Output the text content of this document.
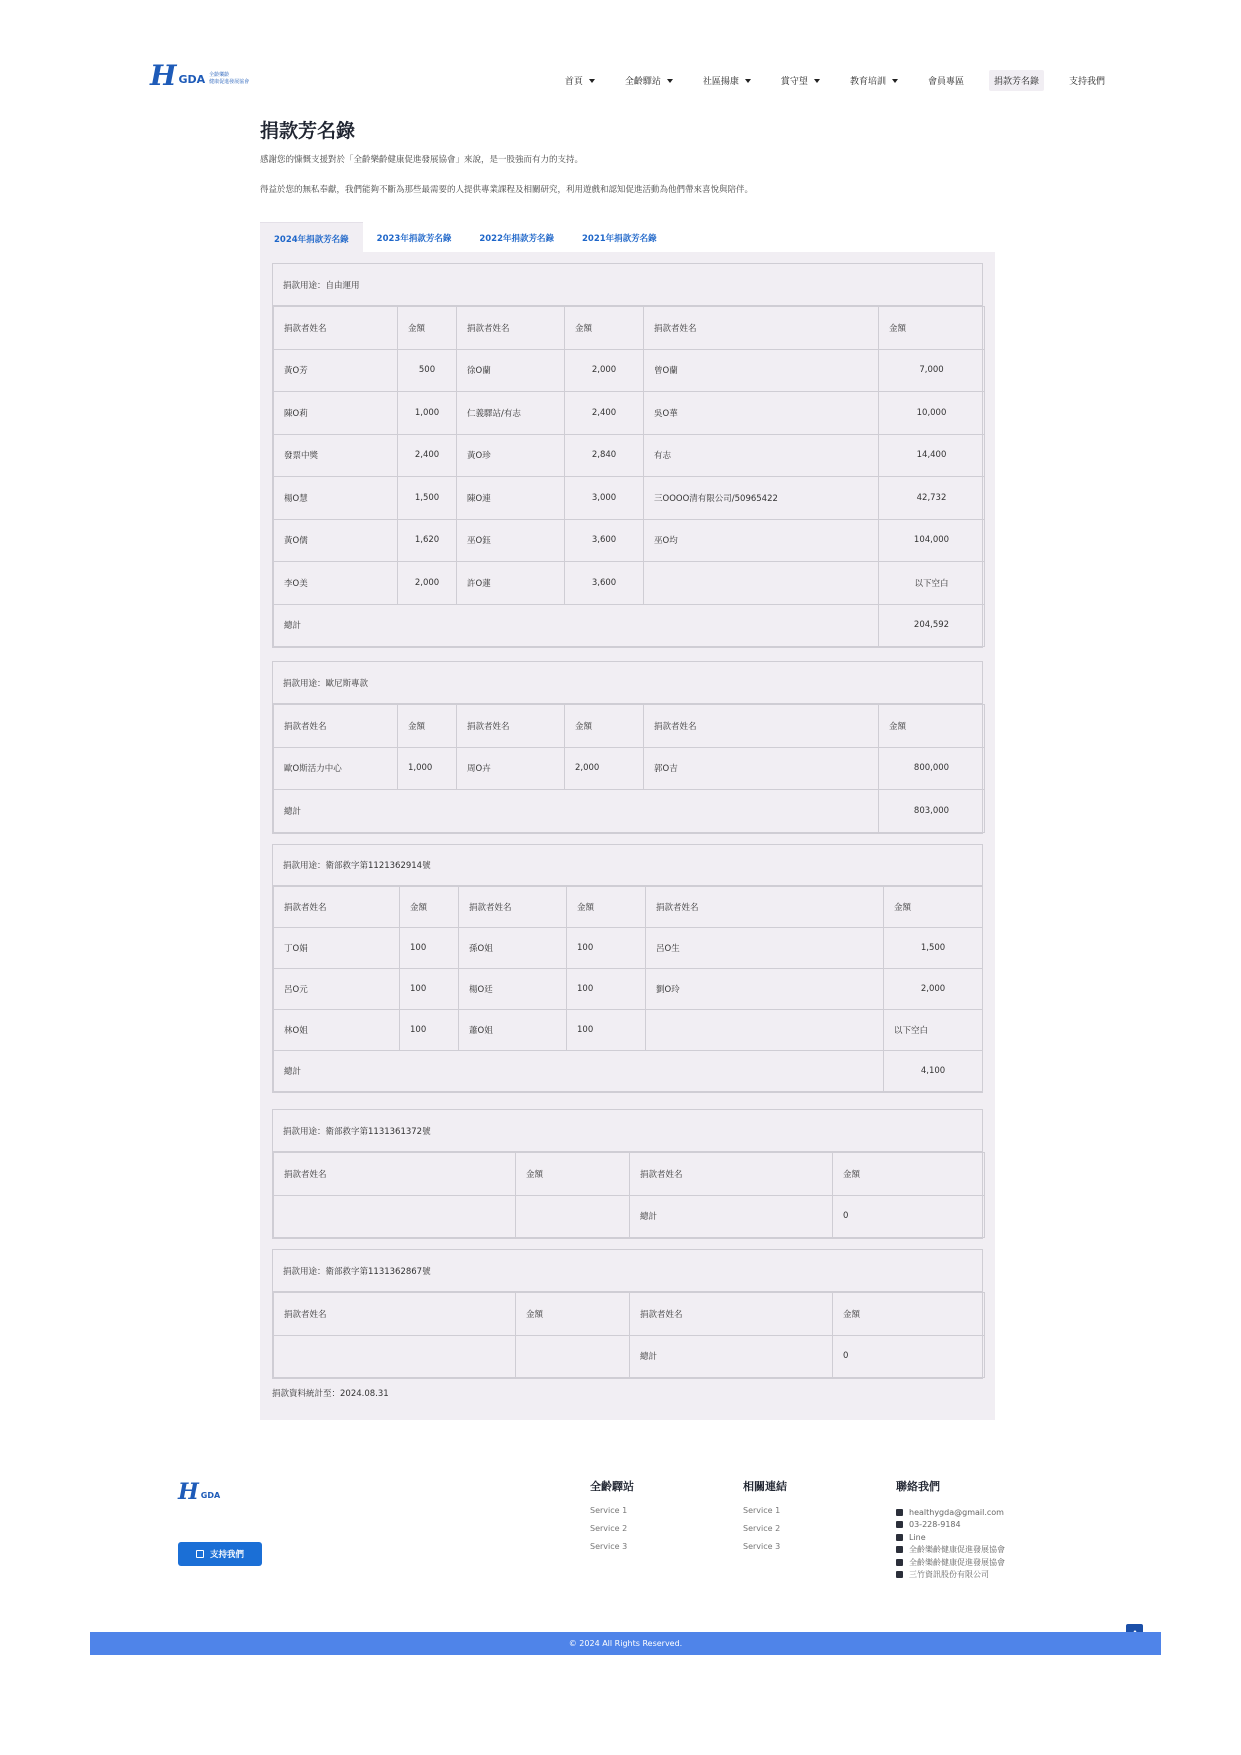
H GDA 全齡樂齡
健康促進發展協會	首頁	全齡驛站	社區揚康	賞守望	教育培訓	會員專區	捐款芳名錄	支持我們
捐款芳名錄

感謝您的慷慨支援對於「全齡樂齡健康促進發展協會」來說，是一股強而有力的支持。

得益於您的無私奉獻，我們能夠不斷為那些最需要的人提供專業課程及相關研究，利用遊戲和認知促進活動為他們帶來喜悅與陪伴。

2024年捐款芳名錄	2023年捐款芳名錄	2022年捐款芳名錄	2021年捐款芳名錄
捐款用途：自由運用
捐款者姓名	金額	捐款者姓名	金額	捐款者姓名	金額
黃O芳	500	徐O蘭	2,000	曾O蘭	7,000
陳O莉	1,000	仁義驛站/有志	2,400	吳O華	10,000
發票中獎	2,400	黃O珍	2,840	有志	14,400
楊O慧	1,500	陳O連	3,000	三OOOO清有限公司/50965422	42,732
黃O儒	1,620	巫O鈺	3,600	巫O均	104,000
李O美	2,000	許O蓮	3,600		以下空白
總計					204,592
捐款用途：歐尼斯專款
捐款者姓名	金額	捐款者姓名	金額	捐款者姓名	金額
歐O斯活力中心	1,000	周O卉	2,000	郭O吉	800,000
總計					803,000
捐款用途：衛部救字第1121362914號
捐款者姓名	金額	捐款者姓名	金額	捐款者姓名	金額
丁O娟	100	孫O姐	100	呂O生	1,500
呂O元	100	楊O廷	100	劉O玲	2,000
林O姐	100	蕭O姐	100		以下空白
總計					4,100
捐款用途：衛部救字第1131361372號
捐款者姓名	金額	捐款者姓名	金額
		總計	0
捐款用途：衛部救字第1131362867號
捐款者姓名	金額	捐款者姓名	金額
		總計	0
捐款資料統計至：2024.08.31
H GDA
支持我們
全齡驛站
Service 1
Service 2
Service 3
相關連結
Service 1
Service 2
Service 3
聯絡我們
healthygda@gmail.com
03-228-9184
Line
全齡樂齡健康促進發展協會
全齡樂齡健康促進發展協會
三竹資訊股份有限公司
© 2024 All Rights Reserved.
